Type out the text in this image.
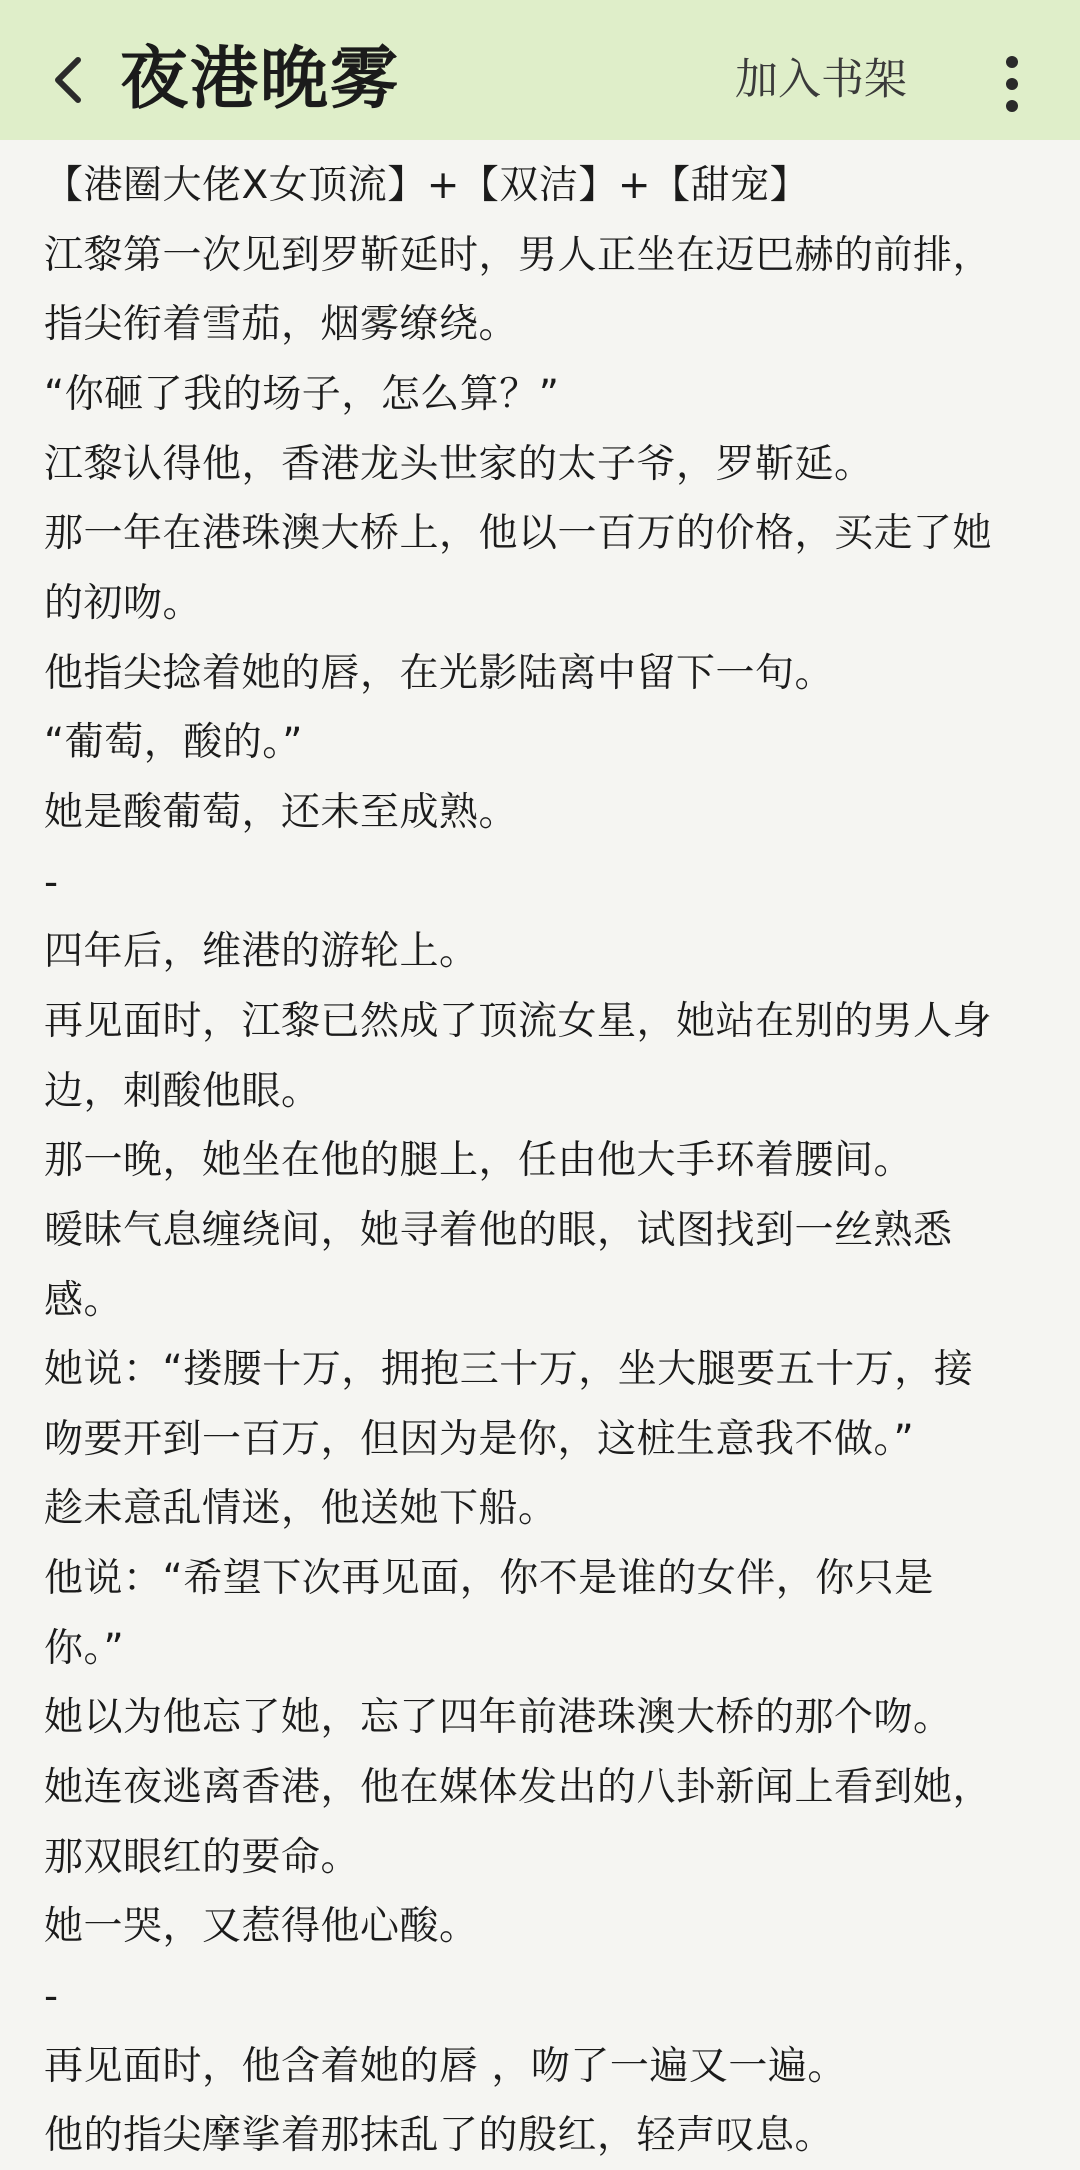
夜港晚雾	加入书架
【港圈大佬X女顶流】+【双洁】+【甜宠】
江黎第一次见到罗靳延时，男人正坐在迈巴赫的前排，
指尖衔着雪茄，烟雾缭绕。
“你砸了我的场子，怎么算？”
江黎认得他，香港龙头世家的太子爷，罗靳延。
那一年在港珠澳大桥上，他以一百万的价格，买走了她
的初吻。
他指尖捻着她的唇，在光影陆离中留下一句。
“葡萄，酸的。”
她是酸葡萄，还未至成熟。
-
四年后，维港的游轮上。
再见面时，江黎已然成了顶流女星，她站在别的男人身
边，刺酸他眼。
那一晚，她坐在他的腿上，任由他大手环着腰间。
暧昧气息缠绕间，她寻着他的眼，试图找到一丝熟悉
感。
她说：“搂腰十万，拥抱三十万，坐大腿要五十万，接
吻要开到一百万，但因为是你，这桩生意我不做。”
趁未意乱情迷，他送她下船。
他说：“希望下次再见面，你不是谁的女伴，你只是
你。”
她以为他忘了她，忘了四年前港珠澳大桥的那个吻。
她连夜逃离香港，他在媒体发出的八卦新闻上看到她，
那双眼红的要命。
她一哭，又惹得他心酸。
-
再见面时，他含着她的唇 ，吻了一遍又一遍。
他的指尖摩挲着那抹乱了的殷红，轻声叹息。
